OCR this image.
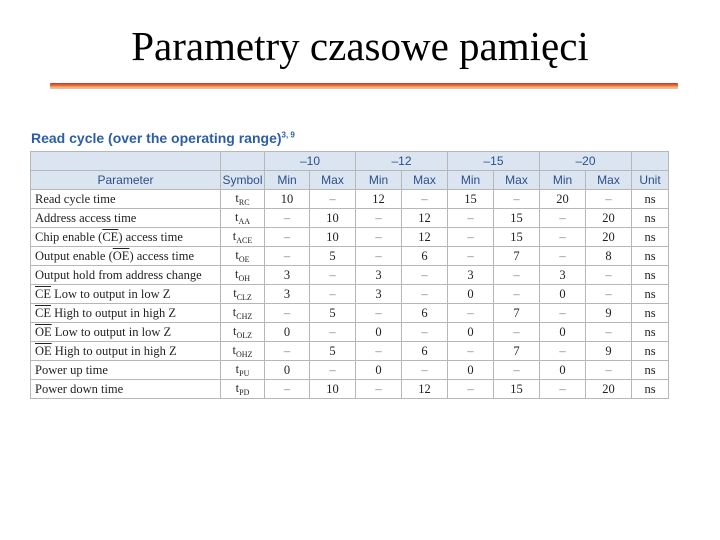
Parametry czasowe pamięci
Read cycle (over the operating range)$^{3, 9}$
		–10		–12		–15		–20		
Parameter	Symbol	Min	Max	Min	Max	Min	Max	Min	Max	Unit
Read cycle time	$t_{RC}$	10	–	12	–	15	–	20	–	ns
Address access time	$t_{AA}$	–	10	–	12	–	15	–	20	ns
Chip enable $(\overline{CE})$ access time	$t_{ACE}$	–	10	–	12	–	15	–	20	ns
Output enable $(\overline{OE})$ access time	$t_{OE}$	–	5	–	6	–	7	–	8	ns
Output hold from address change	$t_{OH}$	3	–	3	–	3	–	3	–	ns
$\overline{CE}$ Low to output in low Z	$t_{CLZ}$	3	–	3	–	0	–	0	–	ns
$\overline{CE}$ High to output in high Z	$t_{CHZ}$	–	5	–	6	–	7	–	9	ns
$\overline{OE}$ Low to output in low Z	$t_{OLZ}$	0	–	0	–	0	–	0	–	ns
$\overline{OE}$ High to output in high Z	$t_{OHZ}$	–	5	–	6	–	7	–	9	ns
Power up time	$t_{PU}$	0	–	0	–	0	–	0	–	ns
Power down time	$t_{PD}$	–	10	–	12	–	15	–	20	ns
